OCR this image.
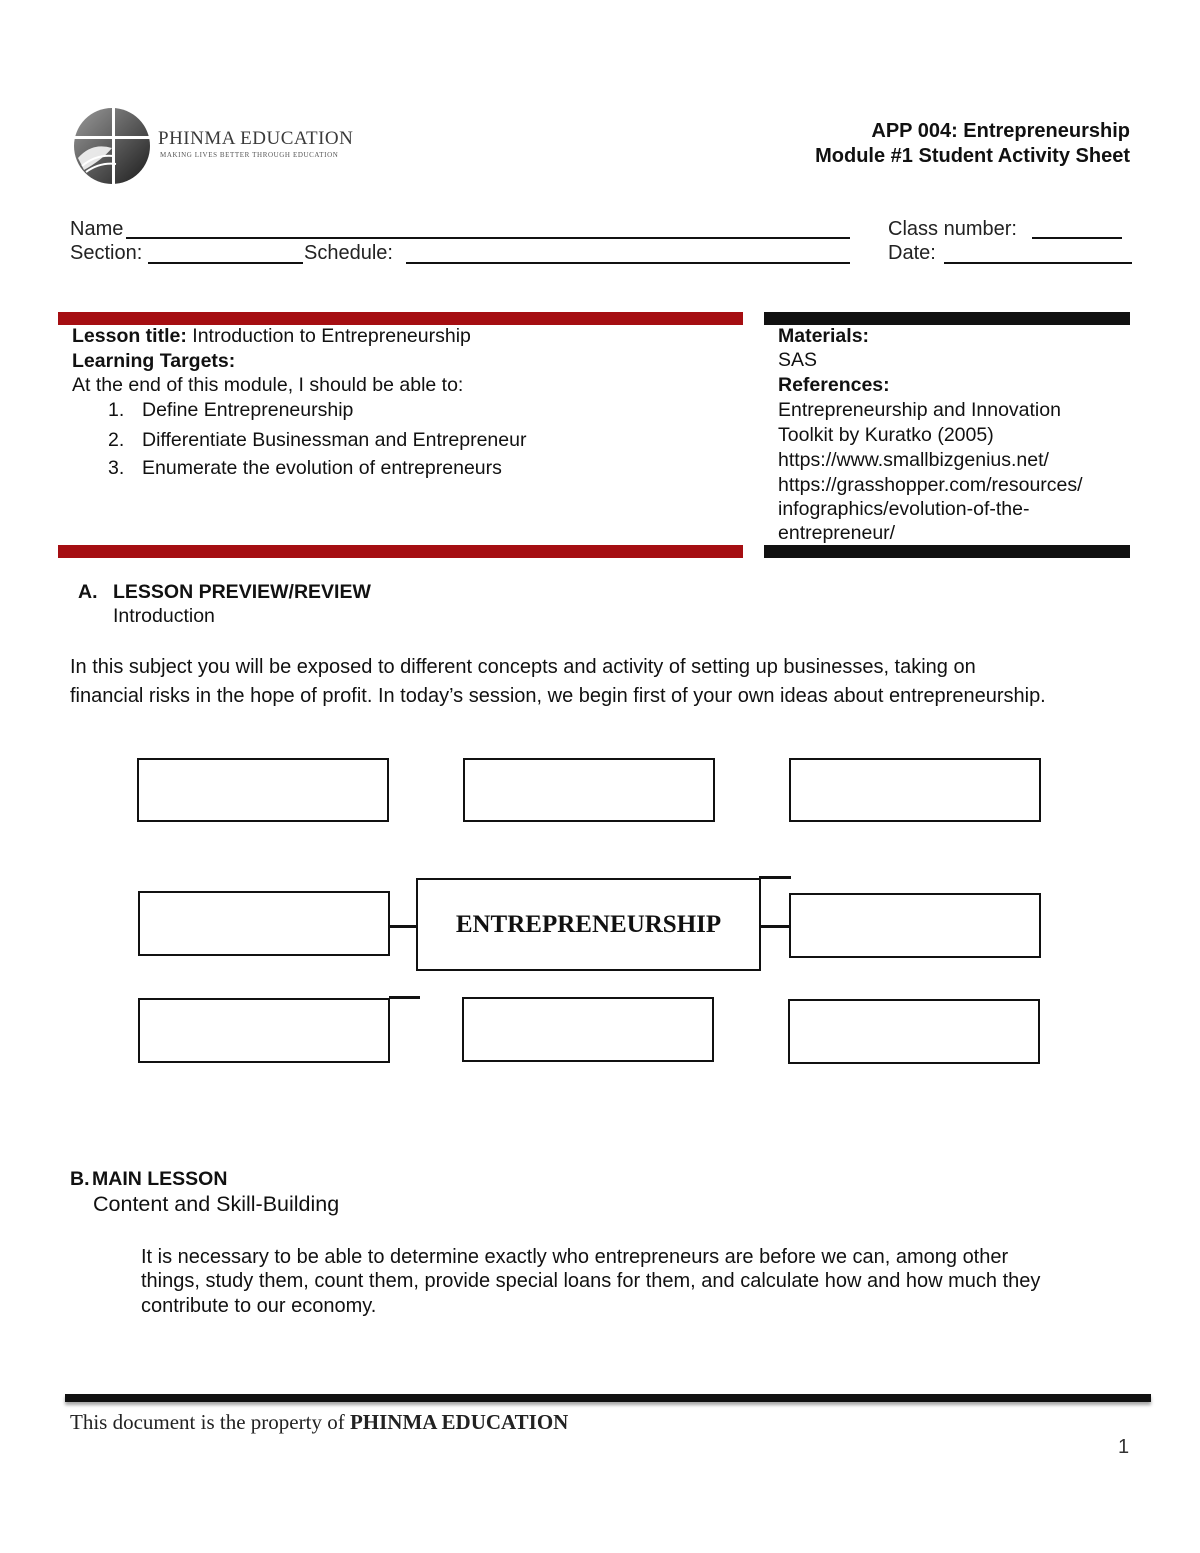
PHINMA EDUCATION
MAKING LIVES BETTER THROUGH EDUCATION
APP 004: Entrepreneurship
Module #1 Student Activity Sheet
Name
Section:	Schedule:
Class number:
Date:
Lesson title: Introduction to Entrepreneurship
Learning Targets:
At the end of this module, I should be able to:
1. Define Entrepreneurship
2. Differentiate Businessman and Entrepreneur
3. Enumerate the evolution of entrepreneurs
Materials:
SAS
References:
Entrepreneurship and Innovation
Toolkit by Kuratko (2005)
https://www.smallbizgenius.net/
https://grasshopper.com/resources/
infographics/evolution-of-the-
entrepreneur/
A. LESSON PREVIEW/REVIEW
Introduction
In this subject you will be exposed to different concepts and activity of setting up businesses, taking on
financial risks in the hope of profit. In today’s session, we begin first of your own ideas about entrepreneurship.
ENTREPRENEURSHIP
B. MAIN LESSON
Content and Skill-Building
It is necessary to be able to determine exactly who entrepreneurs are before we can, among other
things, study them, count them, provide special loans for them, and calculate how and how much they
contribute to our economy.
This document is the property of PHINMA EDUCATION
1
